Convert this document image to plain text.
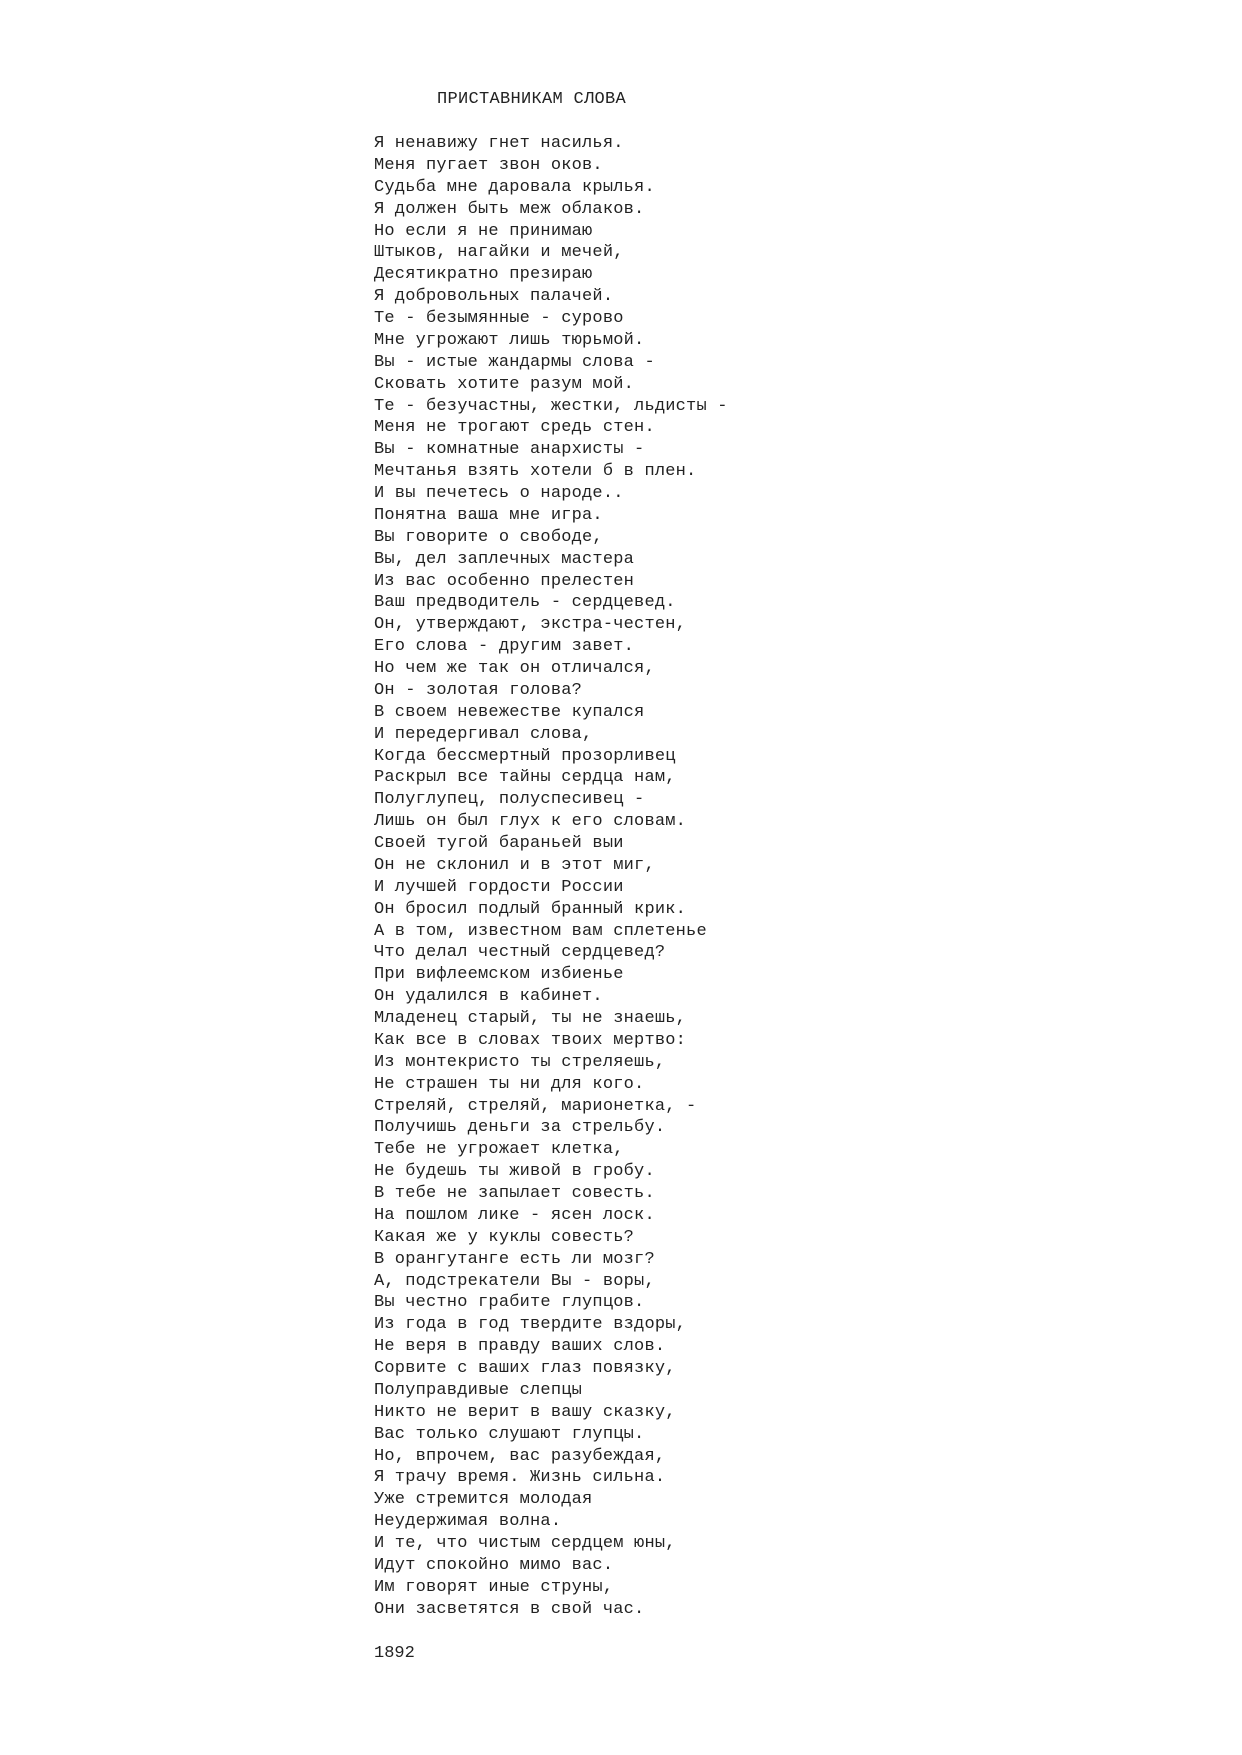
ПРИСТАВНИКАМ СЛОВА
Я ненавижу гнет насилья.
Меня пугает звон оков.
Судьба мне даровала крылья.
Я должен быть меж облаков.
Но если я не принимаю
Штыков, нагайки и мечей,
Десятикратно презираю
Я добровольных палачей.
Те - безымянные - сурово
Мне угрожают лишь тюрьмой.
Вы - истые жандармы слова -
Сковать хотите разум мой.
Те - безучастны, жестки, льдисты -
Меня не трогают средь стен.
Вы - комнатные анархисты -
Мечтанья взять хотели б в плен.
И вы печетесь о народе..
Понятна ваша мне игра.
Вы говорите о свободе,
Вы, дел заплечных мастера
Из вас особенно прелестен
Ваш предводитель - сердцевед.
Он, утверждают, экстра-честен,
Его слова - другим завет.
Но чем же так он отличался,
Он - золотая голова?
В своем невежестве купался
И передергивал слова,
Когда бессмертный прозорливец
Раскрыл все тайны сердца нам,
Полуглупец, полуспесивец -
Лишь он был глух к его словам.
Своей тугой бараньей выи
Он не склонил и в этот миг,
И лучшей гордости России
Он бросил подлый бранный крик.
А в том, известном вам сплетенье
Что делал честный сердцевед?
При вифлеемском избиенье
Он удалился в кабинет.
Младенец старый, ты не знаешь,
Как все в словах твоих мертво:
Из монтекристо ты стреляешь,
Не страшен ты ни для кого.
Стреляй, стреляй, марионетка, -
Получишь деньги за стрельбу.
Тебе не угрожает клетка,
Не будешь ты живой в гробу.
В тебе не запылает совесть.
На пошлом лике - ясен лоск.
Какая же у куклы совесть?
В орангутанге есть ли мозг?
А, подстрекатели Вы - воры,
Вы честно грабите глупцов.
Из года в год твердите вздоры,
Не веря в правду ваших слов.
Сорвите с ваших глаз повязку,
Полуправдивые слепцы
Никто не верит в вашу сказку,
Вас только слушают глупцы.
Но, впрочем, вас разубеждая,
Я трачу время. Жизнь сильна.
Уже стремится молодая
Неудержимая волна.
И те, что чистым сердцем юны,
Идут спокойно мимо вас.
Им говорят иные струны,
Они засветятся в свой час.
1892
